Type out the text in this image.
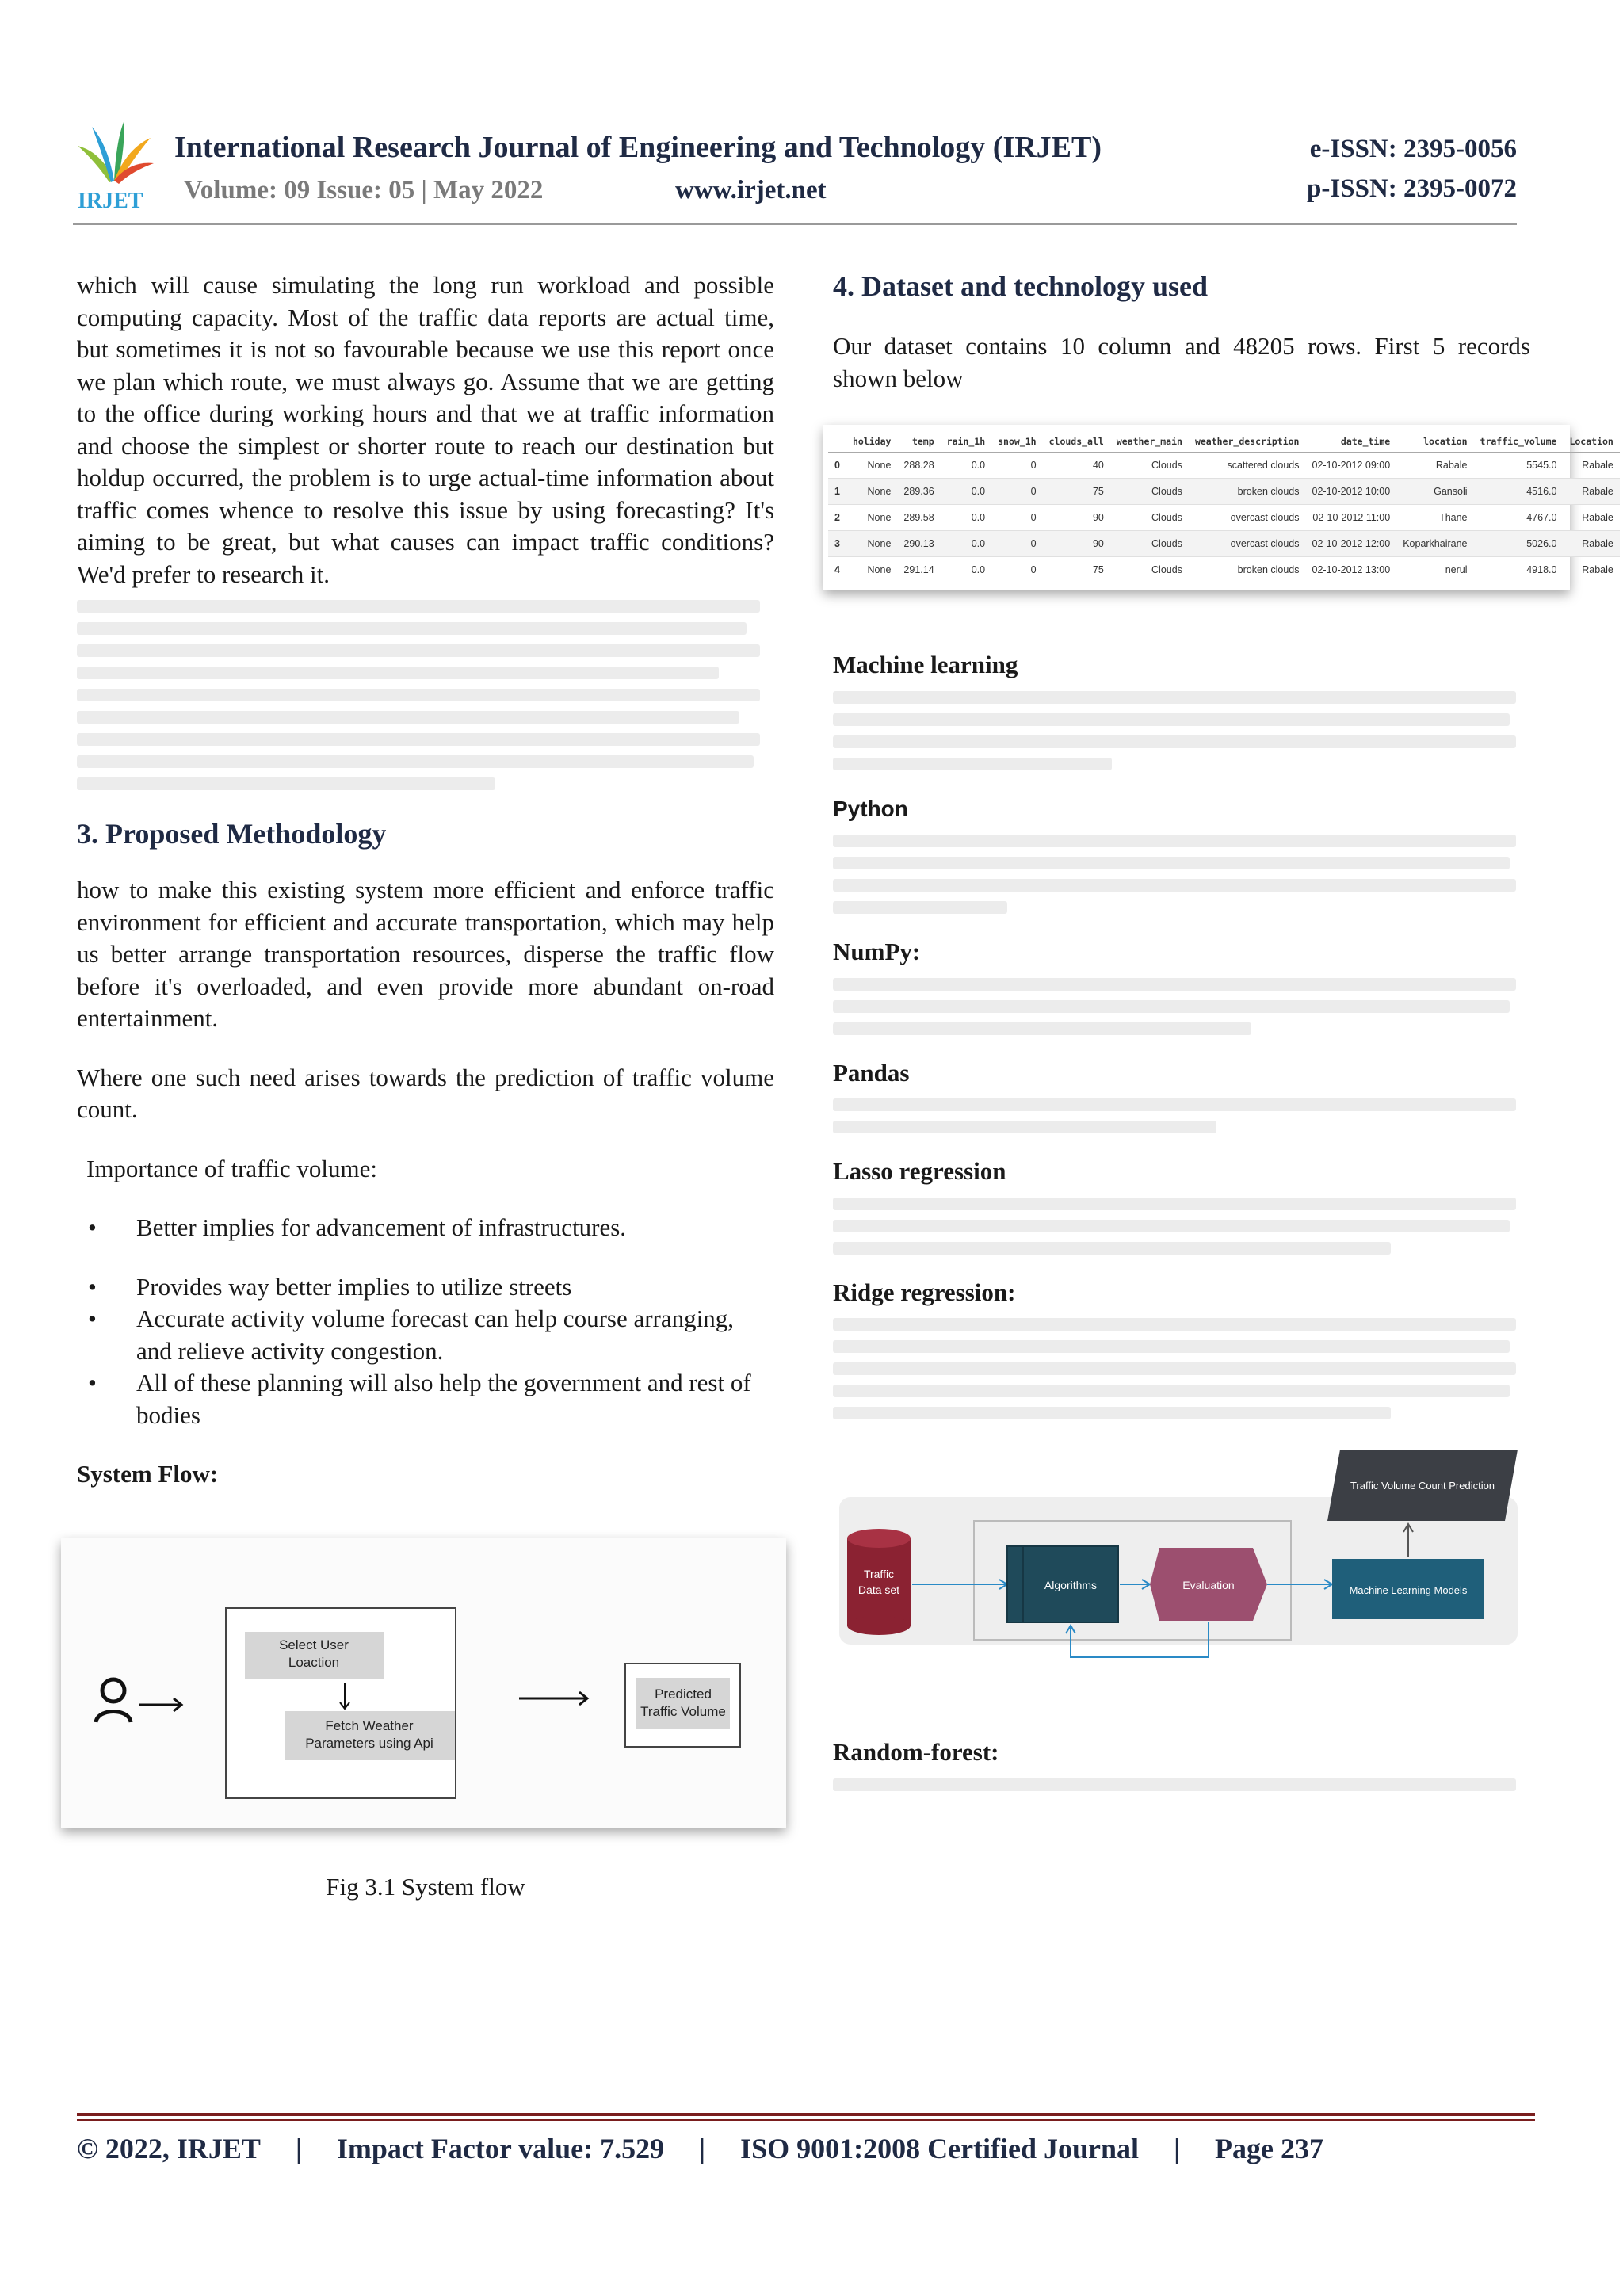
IRJET
International Research Journal of Engineering and Technology (IRJET)	e-ISSN: 2395-0056
Volume: 09 Issue: 05 | May 2022	www.irjet.net	p-ISSN: 2395-0072

which will cause simulating the long run workload and possible computing capacity. Most of the traffic data reports are actual time, but sometimes it is not so favourable because we use this report once we plan which route, we must always go. Assume that we are getting to the office during working hours and that we at traffic information and choose the simplest or shorter route to reach our destination but holdup occurred, the problem is to urge actual-time information about traffic comes whence to resolve this issue by using forecasting? It's aiming to be great, but what causes can impact traffic conditions? We'd prefer to research it.

3. Proposed Methodology

how to make this existing system more efficient and enforce traffic environment for efficient and accurate transportation, which may help us better arrange transportation resources, disperse the traffic flow before it's overloaded, and even provide more abundant on-road entertainment.

Where one such need arises towards the prediction of traffic volume count.

Importance of traffic volume:

• Better implies for advancement of infrastructures.
• Provides way better implies to utilize streets
• Accurate activity volume forecast can help course arranging, and relieve activity congestion.
• All of these planning will also help the government and rest of bodies

System Flow:

Select User
Loaction
Fetch Weather
Parameters using Api
Predicted
Traffic Volume

Fig 3.1 System flow

4. Dataset and technology used

Our dataset contains 10 column and 48205 rows. First 5 records shown below

	holiday	temp	rain_1h	snow_1h	clouds_all	weather_main	weather_description	date_time	location	traffic_volume	Location
0	None	288.28	0.0	0	40	Clouds	scattered clouds	02-10-2012 09:00	Rabale	5545.0	Rabale
1	None	289.36	0.0	0	75	Clouds	broken clouds	02-10-2012 10:00	Gansoli	4516.0	Rabale
2	None	289.58	0.0	0	90	Clouds	overcast clouds	02-10-2012 11:00	Thane	4767.0	Rabale
3	None	290.13	0.0	0	90	Clouds	overcast clouds	02-10-2012 12:00	Koparkhairane	5026.0	Rabale
4	None	291.14	0.0	0	75	Clouds	broken clouds	02-10-2012 13:00	nerul	4918.0	Rabale

Machine learning

Python

NumPy:

Pandas

Lasso regression

Ridge regression:

Traffic
Data set	Algorithms	Evaluation	Machine Learning Models
Traffic Volume Count Prediction

Random-forest:

© 2022, IRJET | Impact Factor value: 7.529 | ISO 9001:2008 Certified Journal | Page 237
